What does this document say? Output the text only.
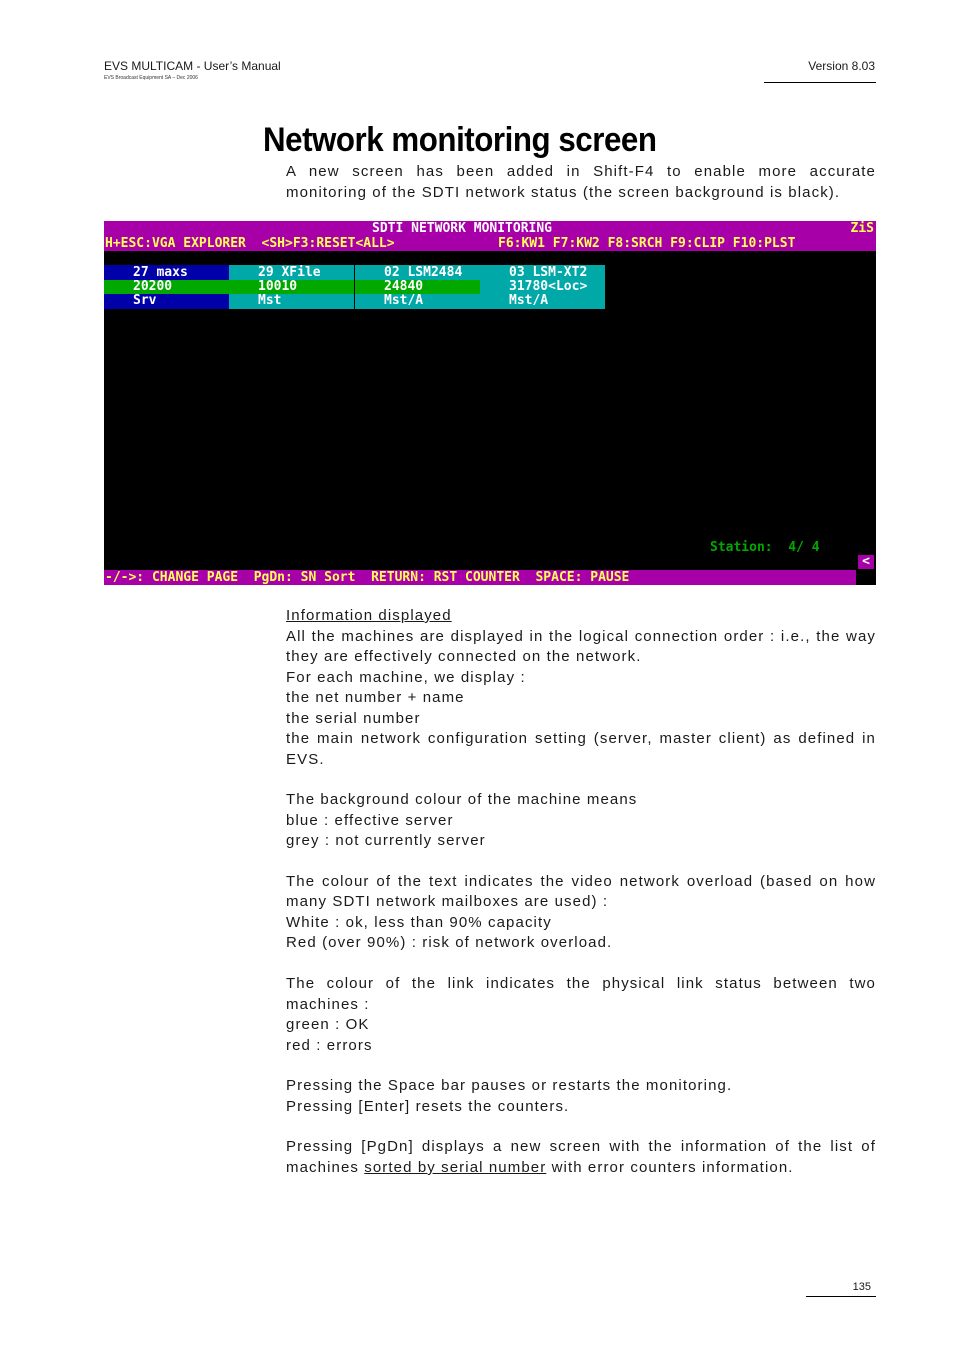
EVS MULTICAM - User’s Manual
EVS Broadcast Equipment SA – Dec 2006
Version 8.03
Network monitoring screen
A new screen has been added in Shift-F4 to enable more accurate monitoring of the SDTI network status (the screen background is black).
SDTI NETWORK MONITORING	ZiS
H+ESC:VGA EXPLORER  <SH>F3:RESET<ALL>	F6:KW1 F7:KW2 F8:SRCH F9:CLIP F10:PLST
27 maxs
20200
Srv
29 XFile
10010
Mst
02 LSM2484
24840
Mst/A
03 LSM-XT2
31780<Loc>
Mst/A
Station:  4/ 4
<

-/->: CHANGE PAGE  PgDn: SN Sort  RETURN: RST COUNTER  SPACE: PAUSE

Information displayed

All the machines are displayed in the logical connection order : i.e., the way they are effectively connected on the network.

For each machine, we display :

the net number + name

the serial number

the main network configuration setting (server, master client) as defined in EVS.

The background colour of the machine means

blue : effective server

grey : not currently server

The colour of the text indicates the video network overload (based on how many SDTI network mailboxes are used) :

White : ok, less than 90% capacity

Red (over 90%) : risk of network overload.

The colour of the link indicates the physical link status between two machines :

green : OK

red : errors

Pressing the Space bar pauses or restarts the monitoring.

Pressing [Enter] resets the counters.

Pressing [PgDn] displays a new screen with the information of the list of machines sorted by serial number with error counters information.

135
